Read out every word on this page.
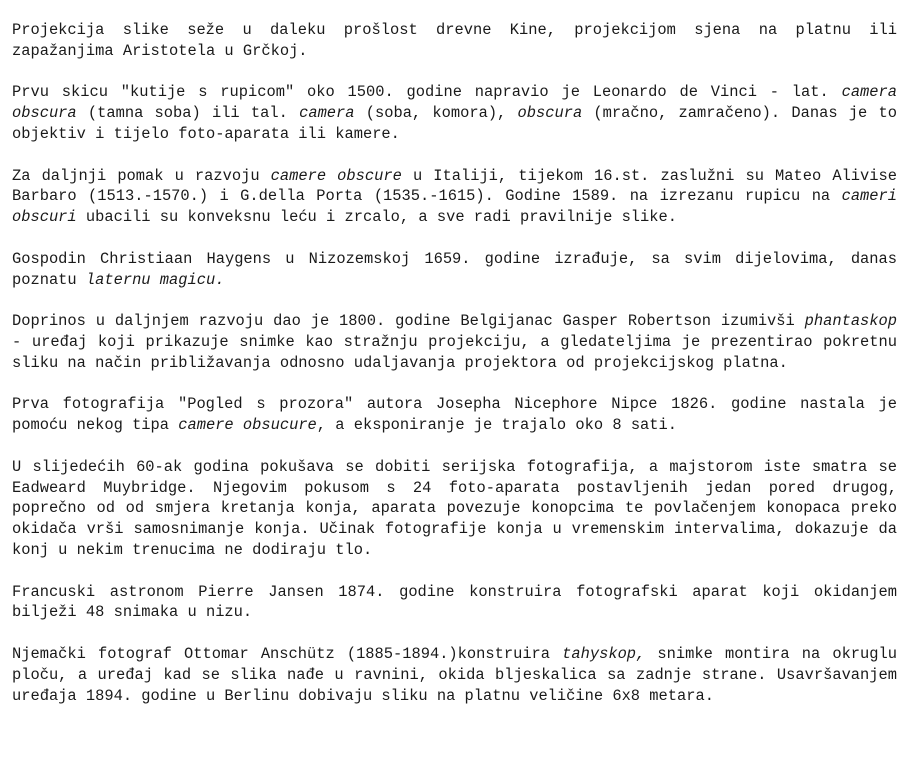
Projekcija slike seže u daleku prošlost drevne Kine, projekcijom sjena na platnu ili zapažanjima Aristotela u Grčkoj.

Prvu skicu "kutije s rupicom" oko 1500. godine napravio je Leonardo de Vinci - lat. camera obscura (tamna soba) ili tal. camera (soba, komora), obscura (mračno, zamračeno). Danas je to objektiv i tijelo foto-aparata ili kamere.

Za daljnji pomak u razvoju camere obscure u Italiji, tijekom 16.st. zaslužni su Mateo Alivise Barbaro (1513.-1570.) i G.della Porta (1535.-1615). Godine 1589. na izrezanu rupicu na cameri obscuri ubacili su konveksnu leću i zrcalo, a sve radi pravilnije slike.

Gospodin Christiaan Haygens u Nizozemskoj 1659. godine izrađuje, sa svim dijelovima, danas poznatu laternu magicu.

Doprinos u daljnjem razvoju dao je 1800. godine Belgijanac Gasper Robertson izumivši phantaskop - uređaj koji prikazuje snimke kao stražnju projekciju, a gledateljima je prezentirao pokretnu sliku na način približavanja odnosno udaljavanja projektora od projekcijskog platna.

Prva fotografija "Pogled s prozora" autora Josepha Nicephore Nipce 1826. godine nastala je pomoću nekog tipa camere obsucure, a eksponiranje je trajalo oko 8 sati.

U slijedećih 60-ak godina pokušava se dobiti serijska fotografija, a majstorom iste smatra se Eadweard Muybridge. Njegovim pokusom s 24 foto-aparata postavljenih jedan pored drugog, poprečno od od smjera kretanja konja, aparata povezuje konopcima te povlačenjem konopaca preko okidača vrši samosnimanje konja. Učinak fotografije konja u vremenskim intervalima, dokazuje da konj u nekim trenucima ne dodiraju tlo.

Francuski astronom Pierre Jansen 1874. godine konstruira fotografski aparat koji okidanjem bilježi 48 snimaka u nizu.

Njemački fotograf Ottomar Anschütz (1885-1894.)konstruira tahyskop, snimke montira na okruglu ploču, a uređaj kad se slika nađe u ravnini, okida bljeskalica sa zadnje strane. Usavršavanjem uređaja 1894. godine u Berlinu dobivaju sliku na platnu veličine 6x8 metara.
